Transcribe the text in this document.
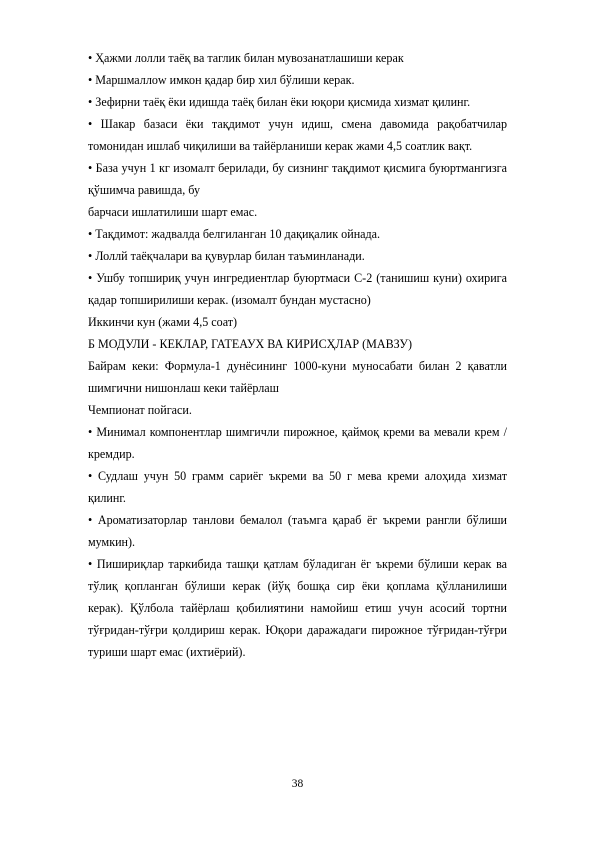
• Ҳажми лолли таёқ ва таглик билан мувозанатлашиши керак

• Маршмаллоw имкон қадар бир хил бўлиши керак.

• Зефирни таёқ ёки идишда таёқ билан ёки юқори қисмида хизмат қилинг.

• Шакар базаси ёки тақдимот учун идиш, смена давомида рақобатчилар томонидан ишлаб чиқилиши ва тайёрланиши керак жами 4,5 соатлик вақт.

• База учун 1 кг изомалт берилади, бу сизнинг тақдимот қисмига буюртмангизга қўшимча равишда, бу

барчаси ишлатилиши шарт емас.

• Тақдимот: жадвалда белгиланган 10 дақиқалик ойнада.

• Лоллй таёқчалари ва қувурлар билан таъминланади.

• Ушбу топшириқ учун ингредиентлар буюртмаси C-2 (танишиш куни) охирига қадар топширилиши керак. (изомалт бундан мустасно)

Иккинчи кун (жами 4,5 соат)

Б МОДУЛИ - КЕКЛАР, ГАТЕАУХ ВА КИРИСҲЛАР (МАВЗУ)

Байрам кеки: Формула-1 дунёсининг 1000-куни муносабати билан 2 қаватли шимгични нишонлаш кеки тайёрлаш

Чемпионат пойгаси.

• Минимал компонентлар шимгичли пирожное, қаймоқ креми ва мевали крем / кремдир.

• Судлаш учун 50 грамм сариёг ъкреми ва 50 г мева креми алоҳида хизмат қилинг.

• Ароматизаторлар танлови бемалол (таъмга қараб ёг ъкреми рангли бўлиши мумкин).

• Пишириқлар таркибида ташқи қатлам бўладиган ёг ъкреми бўлиши керак ва тўлиқ қопланган бўлиши керак (йўқ бошқа сир ёки қоплама қўлланилиши керак). Қўлбола тайёрлаш қобилиятини намойиш етиш учун асосий тортни тўғридан-тўғри қолдириш керак. Юқори даражадаги пирожное тўғридан-тўғри туриши шарт емас (ихтиёрий).

38
